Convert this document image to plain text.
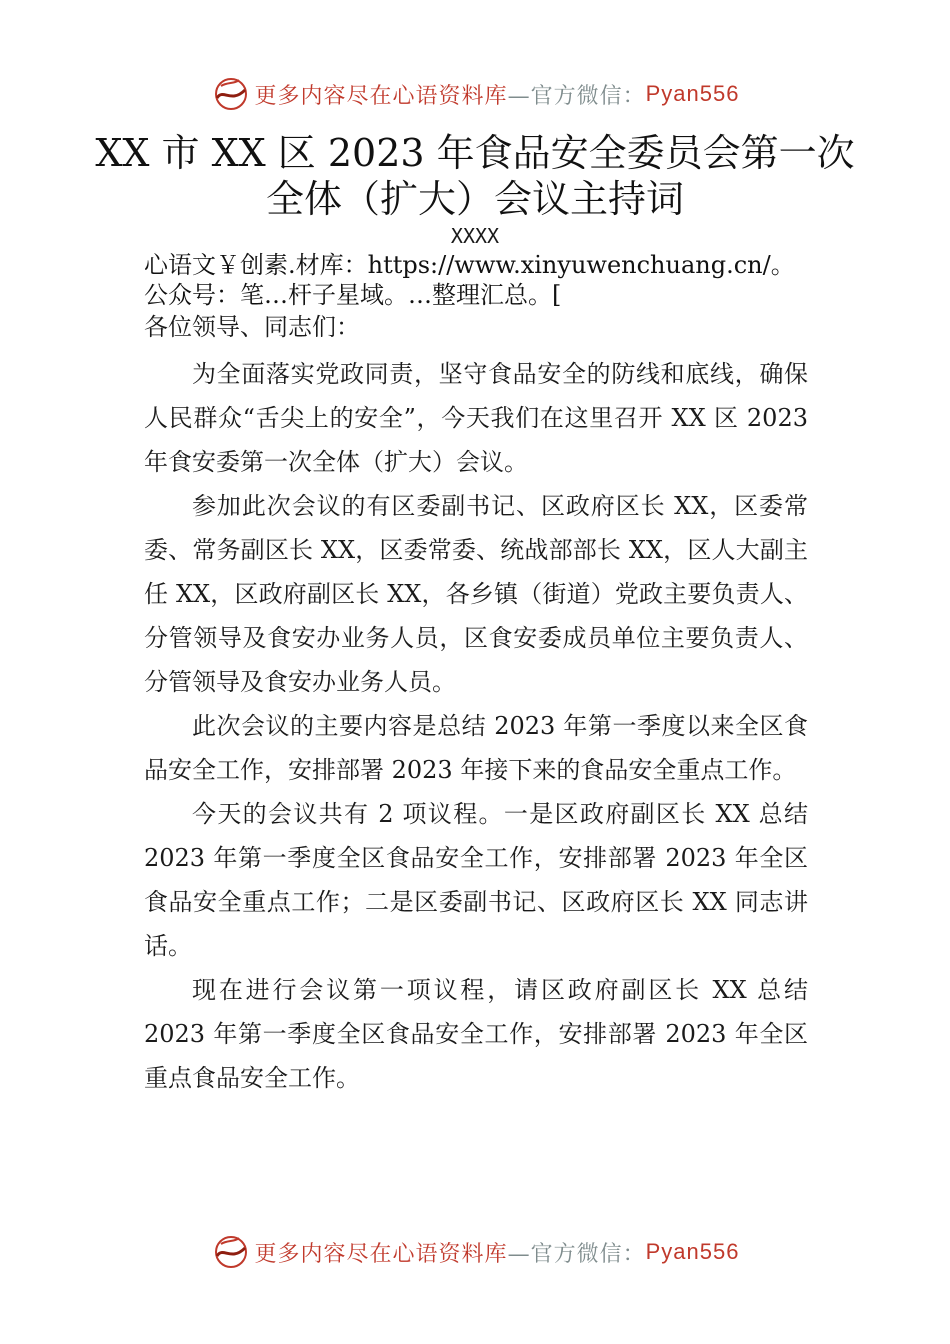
更多内容尽在心语资料库 —官方微信： Pyan556
XX 市 XX 区 2023 年食品安全委员会第一次全体（扩大）会议主持词
XXXX
心语文￥创素.材库：https://www.xinyuwenchuang.cn/。公众号：笔…杆子星域。…整理汇总。[
各位领导、同志们：

为全面落实党政同责，坚守食品安全的防线和底线，确保人民群众“舌尖上的安全”，今天我们在这里召开 XX 区 2023 年食安委第一次全体（扩大）会议。

参加此次会议的有区委副书记、区政府区长 XX，区委常委、常务副区长 XX，区委常委、统战部部长 XX，区人大副主任 XX，区政府副区长 XX，各乡镇（街道）党政主要负责人、分管领导及食安办业务人员，区食安委成员单位主要负责人、分管领导及食安办业务人员。

此次会议的主要内容是总结 2023 年第一季度以来全区食品安全工作，安排部署 2023 年接下来的食品安全重点工作。

今天的会议共有 2 项议程。一是区政府副区长 XX 总结 2023 年第一季度全区食品安全工作，安排部署 2023 年全区食品安全重点工作；二是区委副书记、区政府区长 XX 同志讲话。

现在进行会议第一项议程，请区政府副区长 XX 总结 2023 年第一季度全区食品安全工作，安排部署 2023 年全区重点食品安全工作。

更多内容尽在心语资料库 —官方微信： Pyan556
